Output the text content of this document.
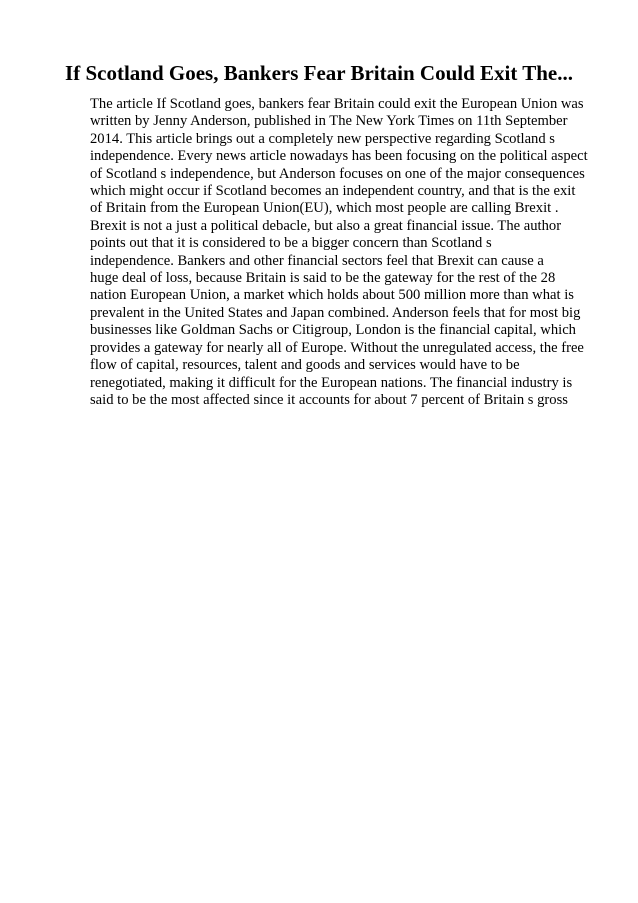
If Scotland Goes, Bankers Fear Britain Could Exit The...
The article If Scotland goes, bankers fear Britain could exit the European Union was
written by Jenny Anderson, published in The New York Times on 11th September
2014. This article brings out a completely new perspective regarding Scotland s
independence. Every news article nowadays has been focusing on the political aspect
of Scotland s independence, but Anderson focuses on one of the major consequences
which might occur if Scotland becomes an independent country, and that is the exit
of Britain from the European Union(EU), which most people are calling Brexit .
Brexit is not a just a political debacle, but also a great financial issue. The author
points out that it is considered to be a bigger concern than Scotland s
independence. Bankers and other financial sectors feel that Brexit can cause a
huge deal of loss, because Britain is said to be the gateway for the rest of the 28
nation European Union, a market which holds about 500 million more than what is
prevalent in the United States and Japan combined. Anderson feels that for most big
businesses like Goldman Sachs or Citigroup, London is the financial capital, which
provides a gateway for nearly all of Europe. Without the unregulated access, the free
flow of capital, resources, talent and goods and services would have to be
renegotiated, making it difficult for the European nations. The financial industry is
said to be the most affected since it accounts for about 7 percent of Britain s gross
